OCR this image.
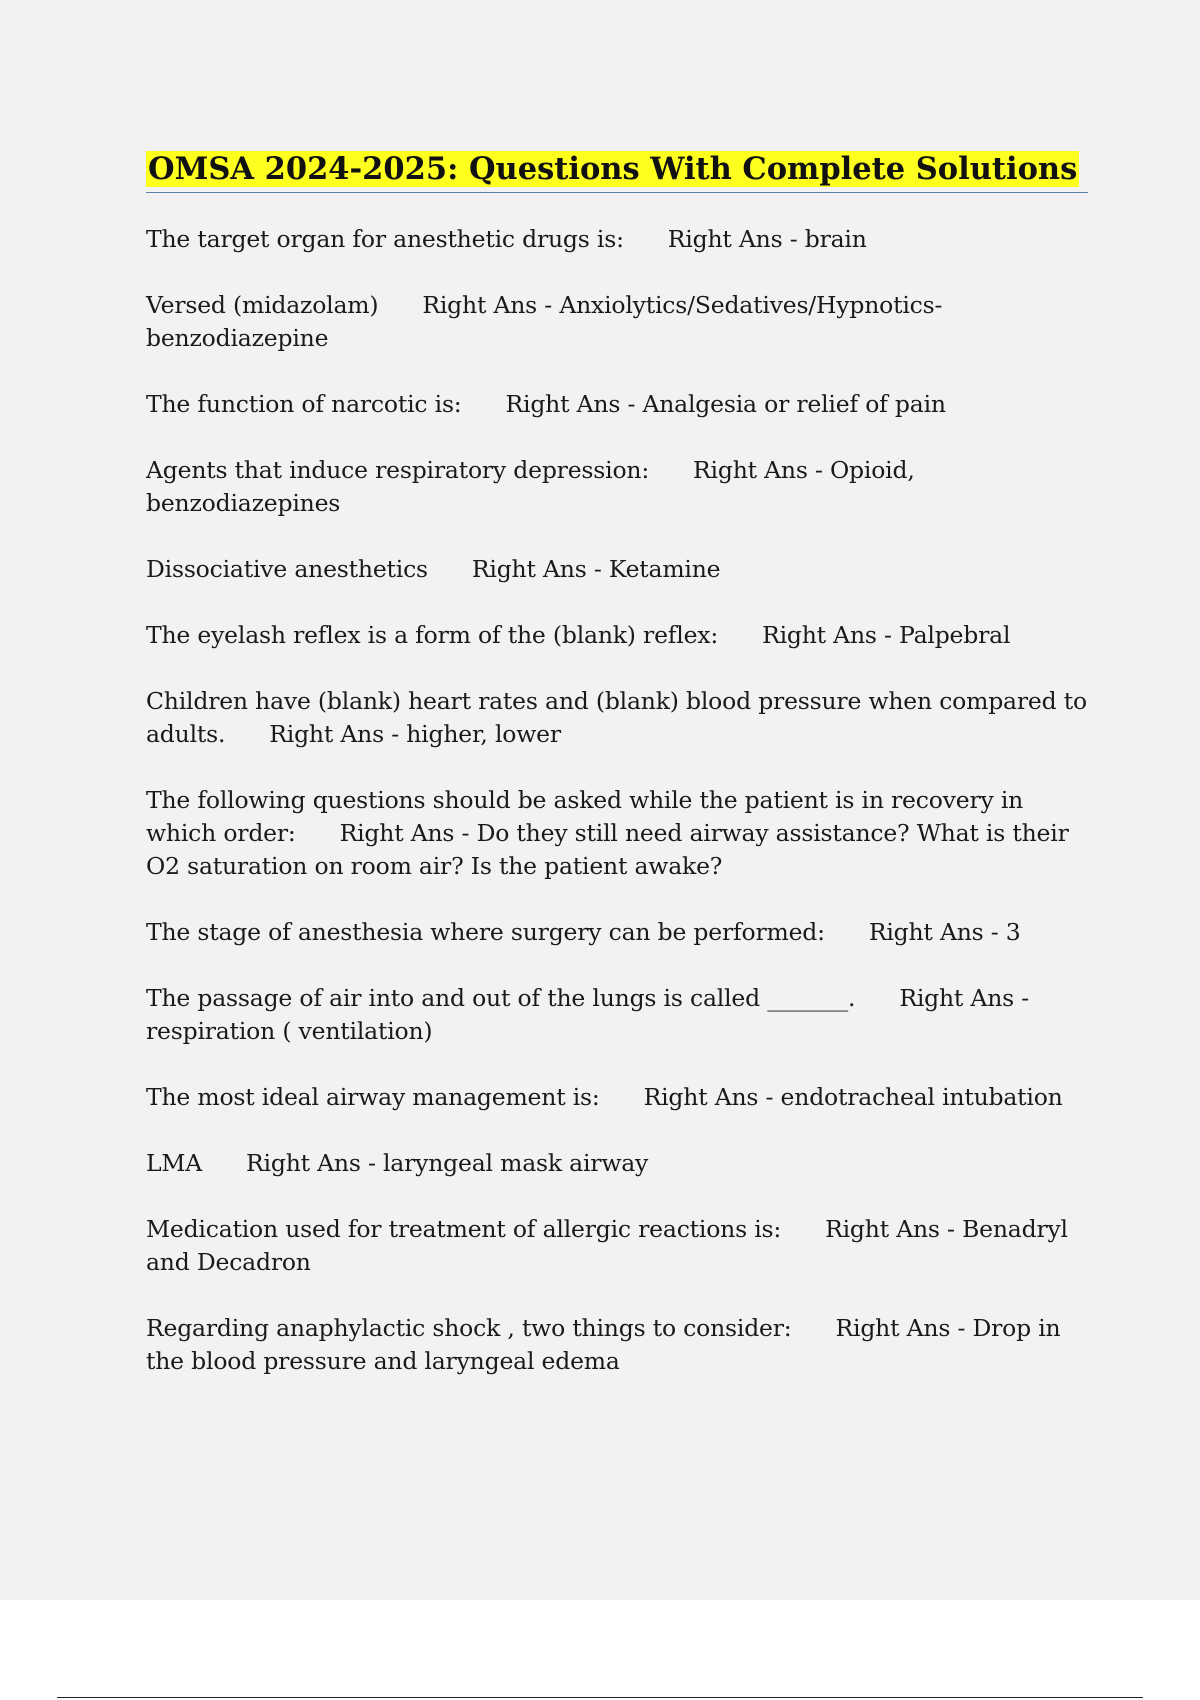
OMSA 2024-2025: Questions With Complete Solutions

The target organ for anesthetic drugs is: Right Ans - brain

Versed (midazolam) Right Ans - Anxiolytics/Sedatives/Hypnotics-benzodiazepine

The function of narcotic is: Right Ans - Analgesia or relief of pain

Agents that induce respiratory depression: Right Ans - Opioid, benzodiazepines

Dissociative anesthetics Right Ans - Ketamine

The eyelash reflex is a form of the (blank) reflex: Right Ans - Palpebral

Children have (blank) heart rates and (blank) blood pressure when compared to adults. Right Ans - higher, lower

The following questions should be asked while the patient is in recovery in which order: Right Ans - Do they still need airway assistance? What is their O2 saturation on room air? Is the patient awake?

The stage of anesthesia where surgery can be performed: Right Ans - 3

The passage of air into and out of the lungs is called _______. Right Ans - respiration ( ventilation)

The most ideal airway management is: Right Ans - endotracheal intubation

LMA Right Ans - laryngeal mask airway

Medication used for treatment of allergic reactions is: Right Ans - Benadryl and Decadron

Regarding anaphylactic shock , two things to consider: Right Ans - Drop in the blood pressure and laryngeal edema
